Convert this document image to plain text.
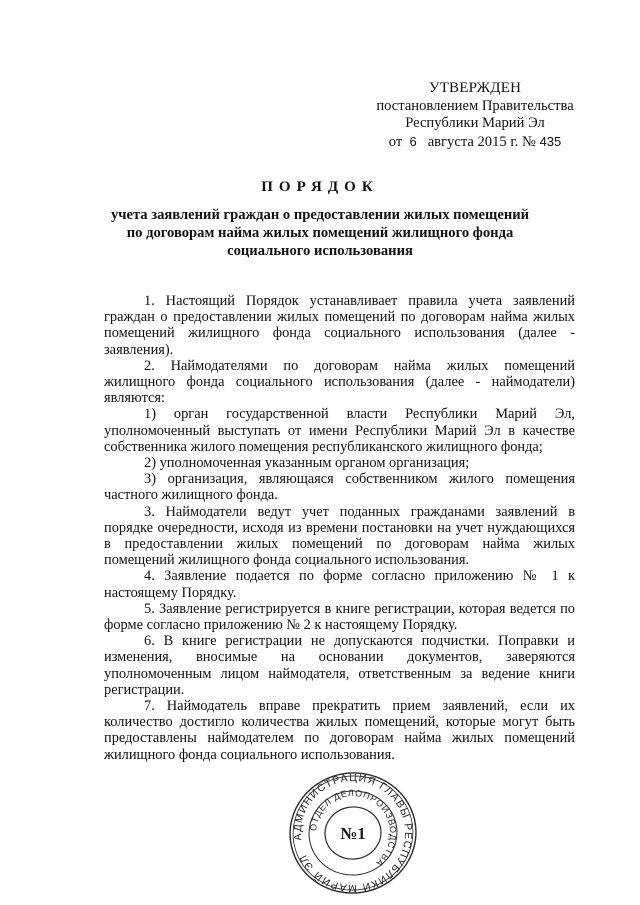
УТВЕРЖДЕН
постановлением Правительства
Республики Марий Эл
от 6 августа 2015 г. № 435
ПОРЯДОК
учета заявлений граждан о предоставлении жилых помещений по договорам найма жилых помещений жилищного фонда социального использования

1. Настоящий Порядок устанавливает правила учета заявлений граждан о предоставлении жилых помещений по договорам найма жилых помещений жилищного фонда социального использования (далее - заявления).

2. Наймодателями по договорам найма жилых помещений жилищного фонда социального использования (далее - наймодатели) являются:

1) орган государственной власти Республики Марий Эл, уполномоченный выступать от имени Республики Марий Эл в качестве собственника жилого помещения республиканского жилищного фонда;

2) уполномоченная указанным органом организация;

3) организация, являющаяся собственником жилого помещения частного жилищного фонда.

3. Наймодатели ведут учет поданных гражданами заявлений в порядке очередности, исходя из времени постановки на учет нуждающихся в предоставлении жилых помещений по договорам найма жилых помещений жилищного фонда социального использования.

4. Заявление подается по форме согласно приложению № 1 к настоящему Порядку.

5. Заявление регистрируется в книге регистрации, которая ведется по форме согласно приложению № 2 к настоящему Порядку.

6. В книге регистрации не допускаются подчистки. Поправки и изменения, вносимые на основании документов, заверяются уполномоченным лицом наймодателя, ответственным за ведение книги регистрации.

7. Наймодатель вправе прекратить прием заявлений, если их количество достигло количества жилых помещений, которые могут быть предоставлены наймодателем по договорам найма жилых помещений жилищного фонда социального использования.

АДМИНИСТРАЦИЯ ГЛАВЫ РЕСПУБЛИКИ МАРИЙ ЭЛ
ОТДЕЛ ДЕЛОПРОИЗВОДСТВА
№1
